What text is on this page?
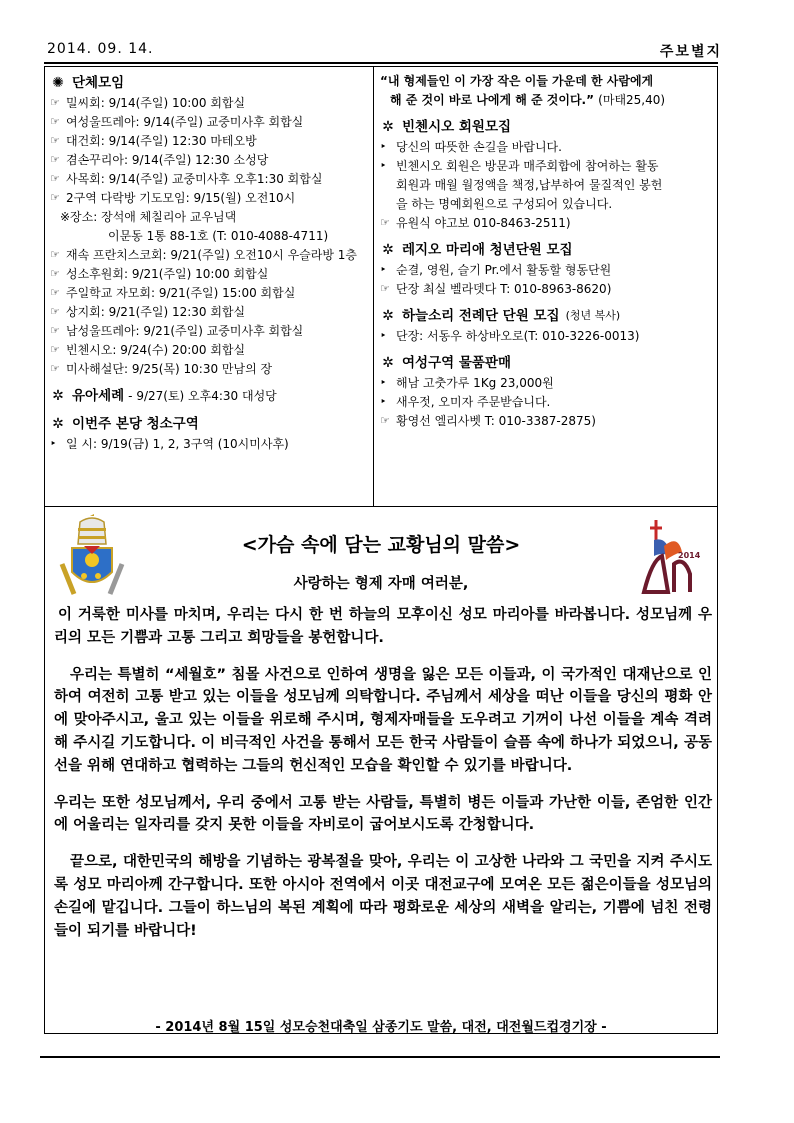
2014. 09. 14.	주보별지
✺ 단체모임
☞ 밀씨회: 9/14(주일) 10:00 회합실
☞ 여성울뜨레아: 9/14(주일) 교중미사후 회합실
☞ 대건회: 9/14(주일) 12:30 마테오방
☞ 겸손꾸리아: 9/14(주일) 12:30 소성당
☞ 사목회: 9/14(주일) 교중미사후 오후1:30 회합실
☞ 2구역 다락방 기도모임: 9/15(월) 오전10시
※장소: 장석애 체칠리아 교우님댁
이문동 1통 88-1호 (T: 010-4088-4711)
☞ 재속 프란치스코회: 9/21(주일) 오전10시 우슬라방 1층
☞ 성소후원회: 9/21(주일) 10:00 회합실
☞ 주일학교 자모회: 9/21(주일) 15:00 회합실
☞ 상지회: 9/21(주일) 12:30 회합실
☞ 남성울뜨레아: 9/21(주일) 교중미사후 회합실
☞ 빈첸시오: 9/24(수) 20:00 회합실
☞ 미사해설단: 9/25(목) 10:30 만남의 장
✲ 유아세례 - 9/27(토) 오후4:30 대성당
✲ 이번주 본당 청소구역
‣ 일 시: 9/19(금) 1, 2, 3구역 (10시미사후)
“내 형제들인 이 가장 작은 이들 가운데 한 사람에게
해 준 것이 바로 나에게 해 준 것이다.” (마태25,40)
✲ 빈첸시오 회원모집
‣ 당신의 따뜻한 손길을 바랍니다.
‣ 빈첸시오 회원은 방문과 매주회합에 참여하는 활동
회원과 매월 월정액을 책정,납부하여 물질적인 봉헌
을 하는 명예회원으로 구성되어 있습니다.
☞ 유원식 야고보 010-8463-2511)
✲ 레지오 마리애 청년단원 모집
‣ 순결, 영원, 슬기 Pr.에서 활동할 형동단원
☞ 단장 최실 벨라뎃다 T: 010-8963-8620)
✲ 하늘소리 전례단 단원 모집 (청년 복사)
‣ 단장: 서동우 하상바오로(T: 010-3226-0013)
✲ 여성구역 물품판매
‣ 해남 고춧가루 1Kg 23,000원
‣ 새우젓, 오미자 주문받습니다.
☞ 황영선 엘리사벳 T: 010-3387-2875)
<가슴 속에 담는 교황님의 말씀>
사랑하는 형제 자매 여러분,
2014

이 거룩한 미사를 마치며, 우리는 다시 한 번 하늘의 모후이신 성모 마리아를 바라봅니다. 성모님께 우리의 모든 기쁨과 고통 그리고 희망들을 봉헌합니다.

우리는 특별히 “세월호” 침몰 사건으로 인하여 생명을 잃은 모든 이들과, 이 국가적인 대재난으로 인하여 여전히 고통 받고 있는 이들을 성모님께 의탁합니다. 주님께서 세상을 떠난 이들을 당신의 평화 안에 맞아주시고, 울고 있는 이들을 위로해 주시며, 형제자매들을 도우려고 기꺼이 나선 이들을 계속 격려해 주시길 기도합니다. 이 비극적인 사건을 통해서 모든 한국 사람들이 슬픔 속에 하나가 되었으니, 공동선을 위해 연대하고 협력하는 그들의 헌신적인 모습을 확인할 수 있기를 바랍니다.

우리는 또한 성모님께서, 우리 중에서 고통 받는 사람들, 특별히 병든 이들과 가난한 이들, 존엄한 인간에 어울리는 일자리를 갖지 못한 이들을 자비로이 굽어보시도록 간청합니다.

끝으로, 대한민국의 해방을 기념하는 광복절을 맞아, 우리는 이 고상한 나라와 그 국민을 지켜 주시도록 성모 마리아께 간구합니다. 또한 아시아 전역에서 이곳 대전교구에 모여온 모든 젊은이들을 성모님의 손길에 맡깁니다. 그들이 하느님의 복된 계획에 따라 평화로운 세상의 새벽을 알리는, 기쁨에 넘친 전령들이 되기를 바랍니다!

- 2014년 8월 15일 성모승천대축일 삼종기도 말씀, 대전, 대전월드컵경기장 -
